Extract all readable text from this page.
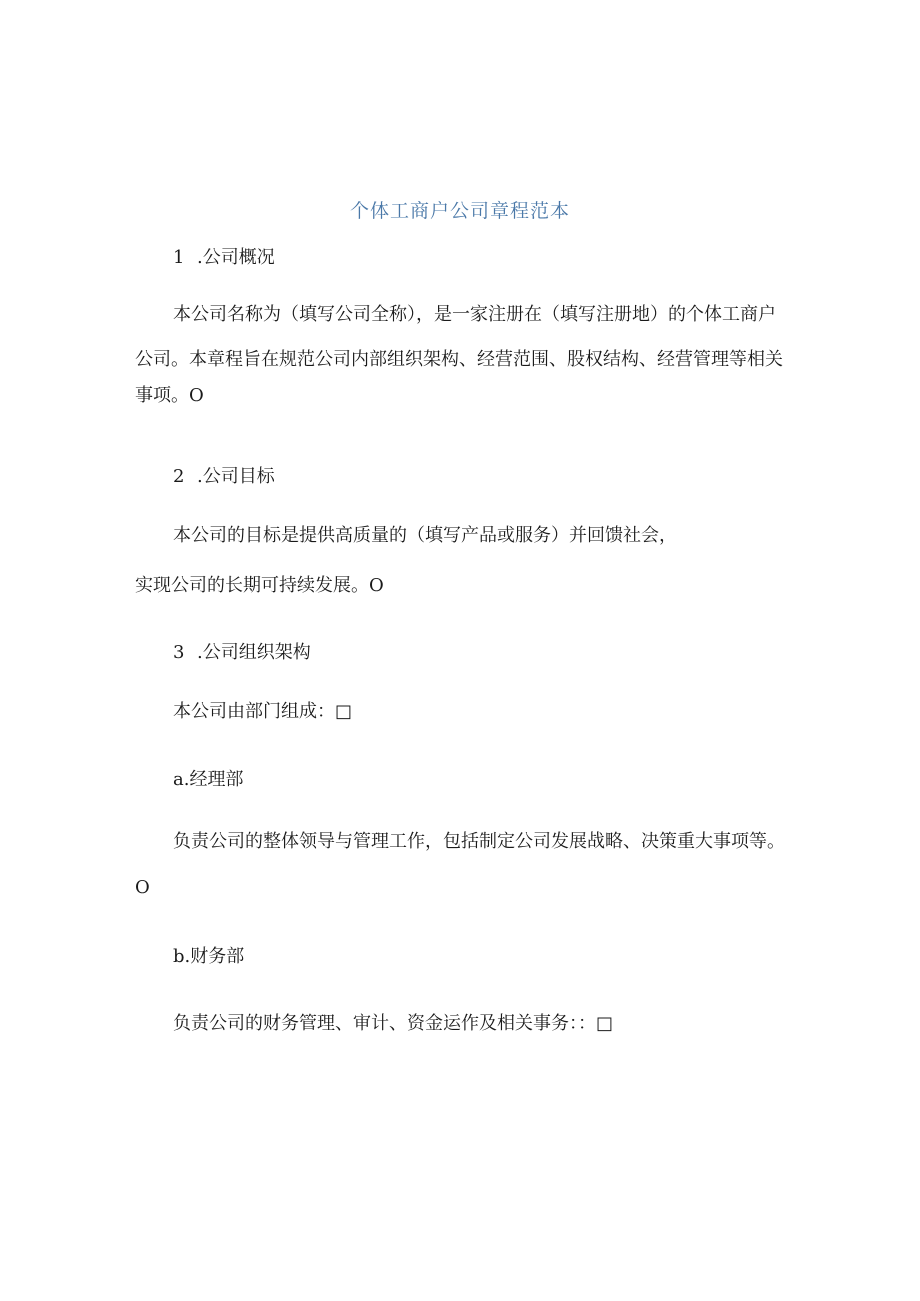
个体工商户公司章程范本
1 .公司概况
本公司名称为（填写公司全称），是一家注册在（填写注册地）的个体工商户
公司。本章程旨在规范公司内部组织架构、经营范围、股权结构、经营管理等相关
事项。O
2 .公司目标
本公司的目标是提供高质量的（填写产品或服务）并回馈社会，
实现公司的长期可持续发展。O
3 .公司组织架构
本公司由部门组成：□
a.经理部
负责公司的整体领导与管理工作，包括制定公司发展战略、决策重大事项等。
O
b.财务部
负责公司的财务管理、审计、资金运作及相关事务：：□
